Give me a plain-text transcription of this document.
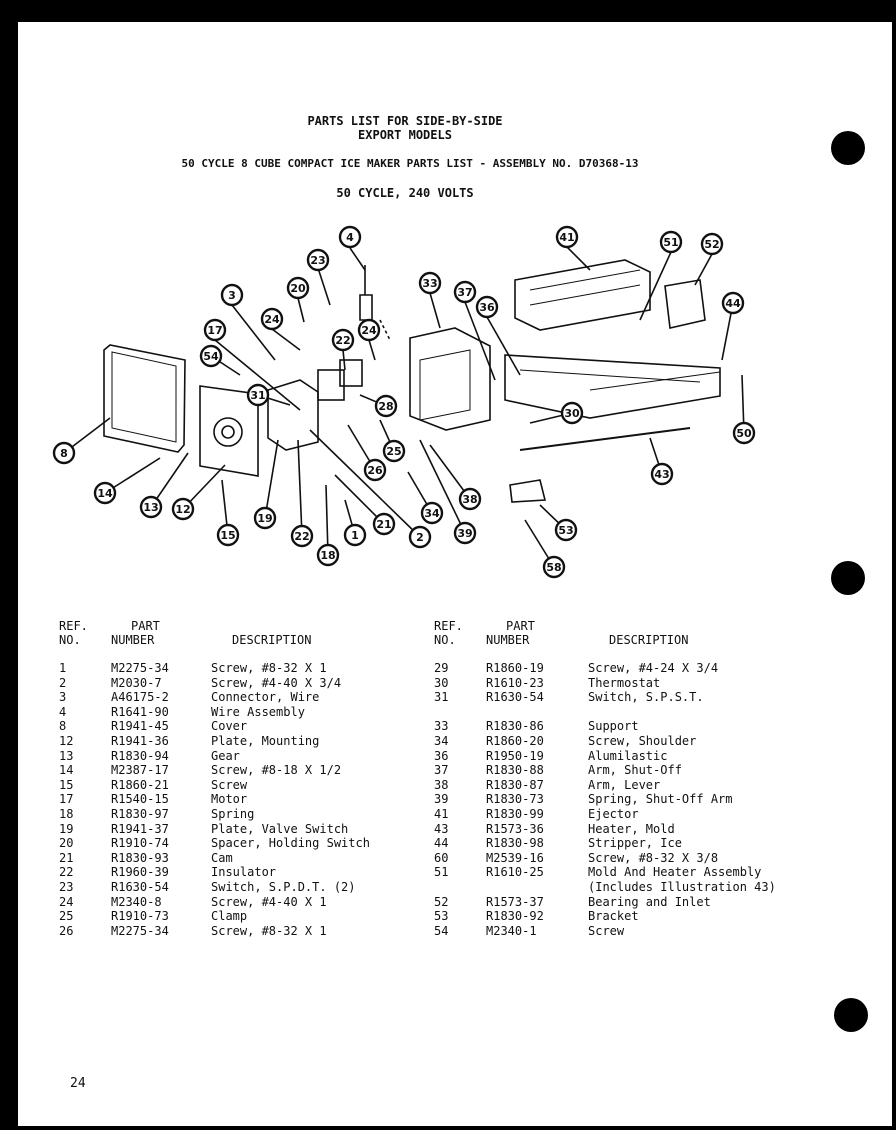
PARTS LIST FOR SIDE-BY-SIDE
EXPORT MODELS
50 CYCLE 8 CUBE COMPACT ICE MAKER PARTS LIST - ASSEMBLY NO. D70368-13
50 CYCLE, 240 VOLTS
4
23
20	33
37
36
41	51 52
3
24
17
54
22
24
31
28
44
8
26
25
30
50
14
13 12
43
38
15
19
22
18
1
21
2
34
39	53
58
REF.
NO.
PART
NUMBER	DESCRIPTION
REF.
NO.
PART
NUMBER	DESCRIPTION
1	M2275-34	Screw, #8-32 X 1
2	M2030-7	Screw, #4-40 X 3/4
3	A46175-2	Connector, Wire
4	R1641-90	Wire Assembly
8	R1941-45	Cover
12	R1941-36	Plate, Mounting
13	R1830-94	Gear
14	M2387-17	Screw, #8-18 X 1/2
15	R1860-21	Screw
17	R1540-15	Motor
18	R1830-97	Spring
19	R1941-37	Plate, Valve Switch
20	R1910-74	Spacer, Holding Switch
21	R1830-93	Cam
22	R1960-39	Insulator
23	R1630-54	Switch, S.P.D.T. (2)
24	M2340-8	Screw, #4-40 X 1
25	R1910-73	Clamp
26	M2275-34	Screw, #8-32 X 1
29	R1860-19	Screw, #4-24 X 3/4
30	R1610-23	Thermostat
31	R1630-54	Switch, S.P.S.T.
33	R1830-86	Support
34	R1860-20	Screw, Shoulder
36	R1950-19	Alumilastic
37	R1830-88	Arm, Shut-Off
38	R1830-87	Arm, Lever
39	R1830-73	Spring, Shut-Off Arm
41	R1830-99	Ejector
43	R1573-36	Heater, Mold
44	R1830-98	Stripper, Ice
60	M2539-16	Screw, #8-32 X 3/8
51	R1610-25	Mold And Heater Assembly
(Includes Illustration 43)
52	R1573-37	Bearing and Inlet
53	R1830-92	Bracket
54	M2340-1	Screw
24
